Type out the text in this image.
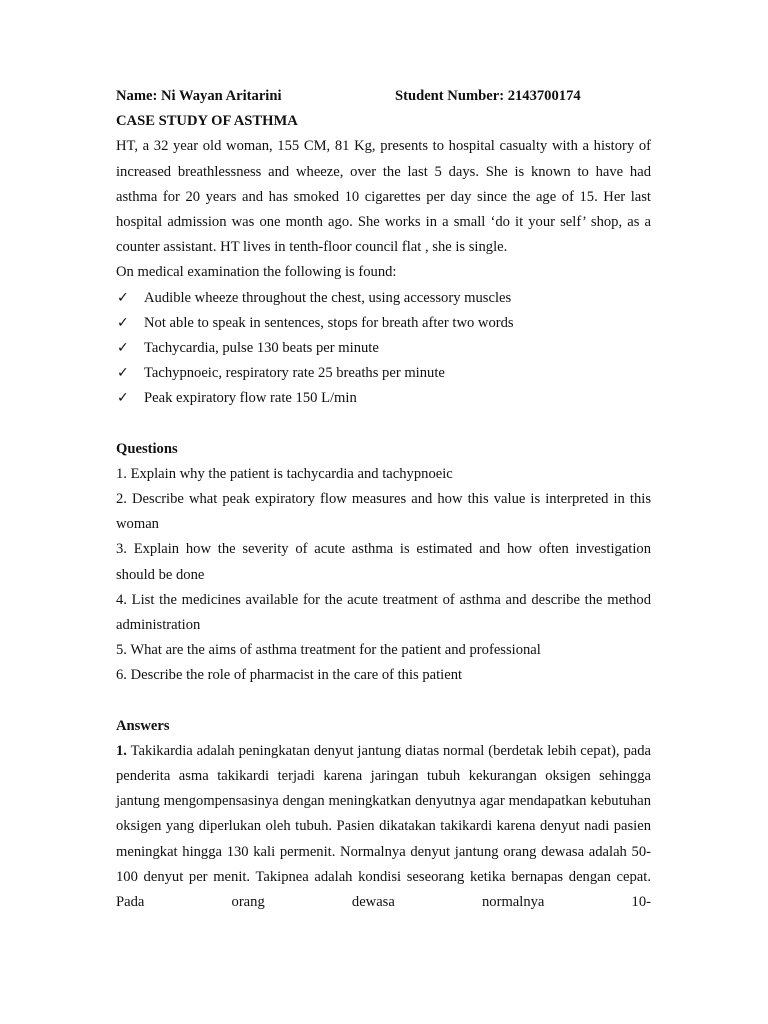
Name: Ni Wayan Aritarini	Student Number: 2143700174

CASE STUDY OF ASTHMA

HT, a 32 year old woman, 155 CM, 81 Kg, presents to hospital casualty with a history of increased breathlessness and wheeze, over the last 5 days. She is known to have had asthma for 20 years and has smoked 10 cigarettes per day since the age of 15. Her last hospital admission was one month ago. She works in a small ‘do it your self’ shop, as a counter assistant. HT lives in tenth-floor council flat , she is single.

On medical examination the following is found:

✓	Audible wheeze throughout the chest, using accessory muscles
✓	Not able to speak in sentences, stops for breath after two words
✓	Tachycardia, pulse 130 beats per minute
✓	Tachypnoeic, respiratory rate 25 breaths per minute
✓	Peak expiratory flow rate 150 L/min

Questions

1. Explain why the patient is tachycardia and tachypnoeic

2. Describe what peak expiratory flow measures and how this value is interpreted in this woman

3. Explain how the severity of acute asthma is estimated and how often investigation should be done

4. List the medicines available for the acute treatment of asthma and describe the method administration

5. What are the aims of asthma treatment for the patient and professional

6. Describe the role of pharmacist in the care of this patient

Answers

1. Takikardia adalah peningkatan denyut jantung diatas normal (berdetak lebih cepat), pada penderita asma takikardi terjadi karena jaringan tubuh kekurangan oksigen sehingga jantung mengompensasinya dengan meningkatkan denyutnya agar mendapatkan kebutuhan oksigen yang diperlukan oleh tubuh. Pasien dikatakan takikardi karena denyut nadi pasien meningkat hingga 130 kali permenit. Normalnya denyut jantung orang dewasa adalah 50-100 denyut per menit. Takipnea adalah kondisi seseorang ketika bernapas dengan cepat. Pada orang dewasa normalnya 10-
